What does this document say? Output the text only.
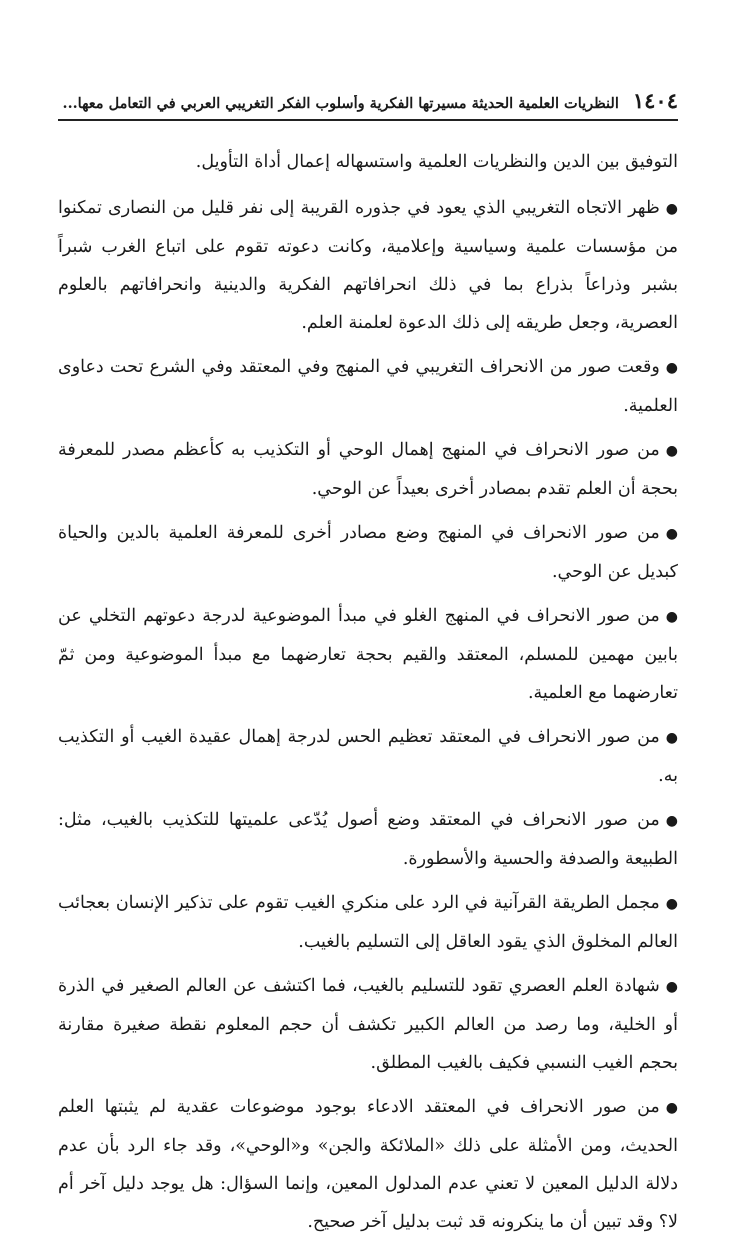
١٤٠٤
النظريات العلمية الحديثة مسيرتها الفكرية وأسلوب الفكر التغريبي العربي في التعامل معها...

التوفيق بين الدين والنظريات العلمية واستسهاله إعمال أداة التأويل.

●ظهر الاتجاه التغريبي الذي يعود في جذوره القريبة إلى نفر قليل من النصارى تمكنوا من مؤسسات علمية وسياسية وإعلامية، وكانت دعوته تقوم على اتباع الغرب شبراً بشبر وذراعاً بذراع بما في ذلك انحرافاتهم الفكرية والدينية وانحرافاتهم بالعلوم العصرية، وجعل طريقه إلى ذلك الدعوة لعلمنة العلم.

●وقعت صور من الانحراف التغريبي في المنهج وفي المعتقد وفي الشرع تحت دعاوى العلمية.

●من صور الانحراف في المنهج إهمال الوحي أو التكذيب به كأعظم مصدر للمعرفة بحجة أن العلم تقدم بمصادر أخرى بعيداً عن الوحي.

●من صور الانحراف في المنهج وضع مصادر أخرى للمعرفة العلمية بالدين والحياة كبديل عن الوحي.

●من صور الانحراف في المنهج الغلو في مبدأ الموضوعية لدرجة دعوتهم التخلي عن بابين مهمين للمسلم، المعتقد والقيم بحجة تعارضهما مع مبدأ الموضوعية ومن ثمّ تعارضهما مع العلمية.

●من صور الانحراف في المعتقد تعظيم الحس لدرجة إهمال عقيدة الغيب أو التكذيب به.

●من صور الانحراف في المعتقد وضع أصول يُدّعى علميتها للتكذيب بالغيب، مثل: الطبيعة والصدفة والحسية والأسطورة.

●مجمل الطريقة القرآنية في الرد على منكري الغيب تقوم على تذكير الإنسان بعجائب العالم المخلوق الذي يقود العاقل إلى التسليم بالغيب.

●شهادة العلم العصري تقود للتسليم بالغيب، فما اكتشف عن العالم الصغير في الذرة أو الخلية، وما رصد من العالم الكبير تكشف أن حجم المعلوم نقطة صغيرة مقارنة بحجم الغيب النسبي فكيف بالغيب المطلق.

●من صور الانحراف في المعتقد الادعاء بوجود موضوعات عقدية لم يثبتها العلم الحديث، ومن الأمثلة على ذلك «الملائكة والجن» و«الوحي»، وقد جاء الرد بأن عدم دلالة الدليل المعين لا تعني عدم المدلول المعين، وإنما السؤال: هل يوجد دليل آخر أم لا؟ وقد تبين أن ما ينكرونه قد ثبت بدليل آخر صحيح.
